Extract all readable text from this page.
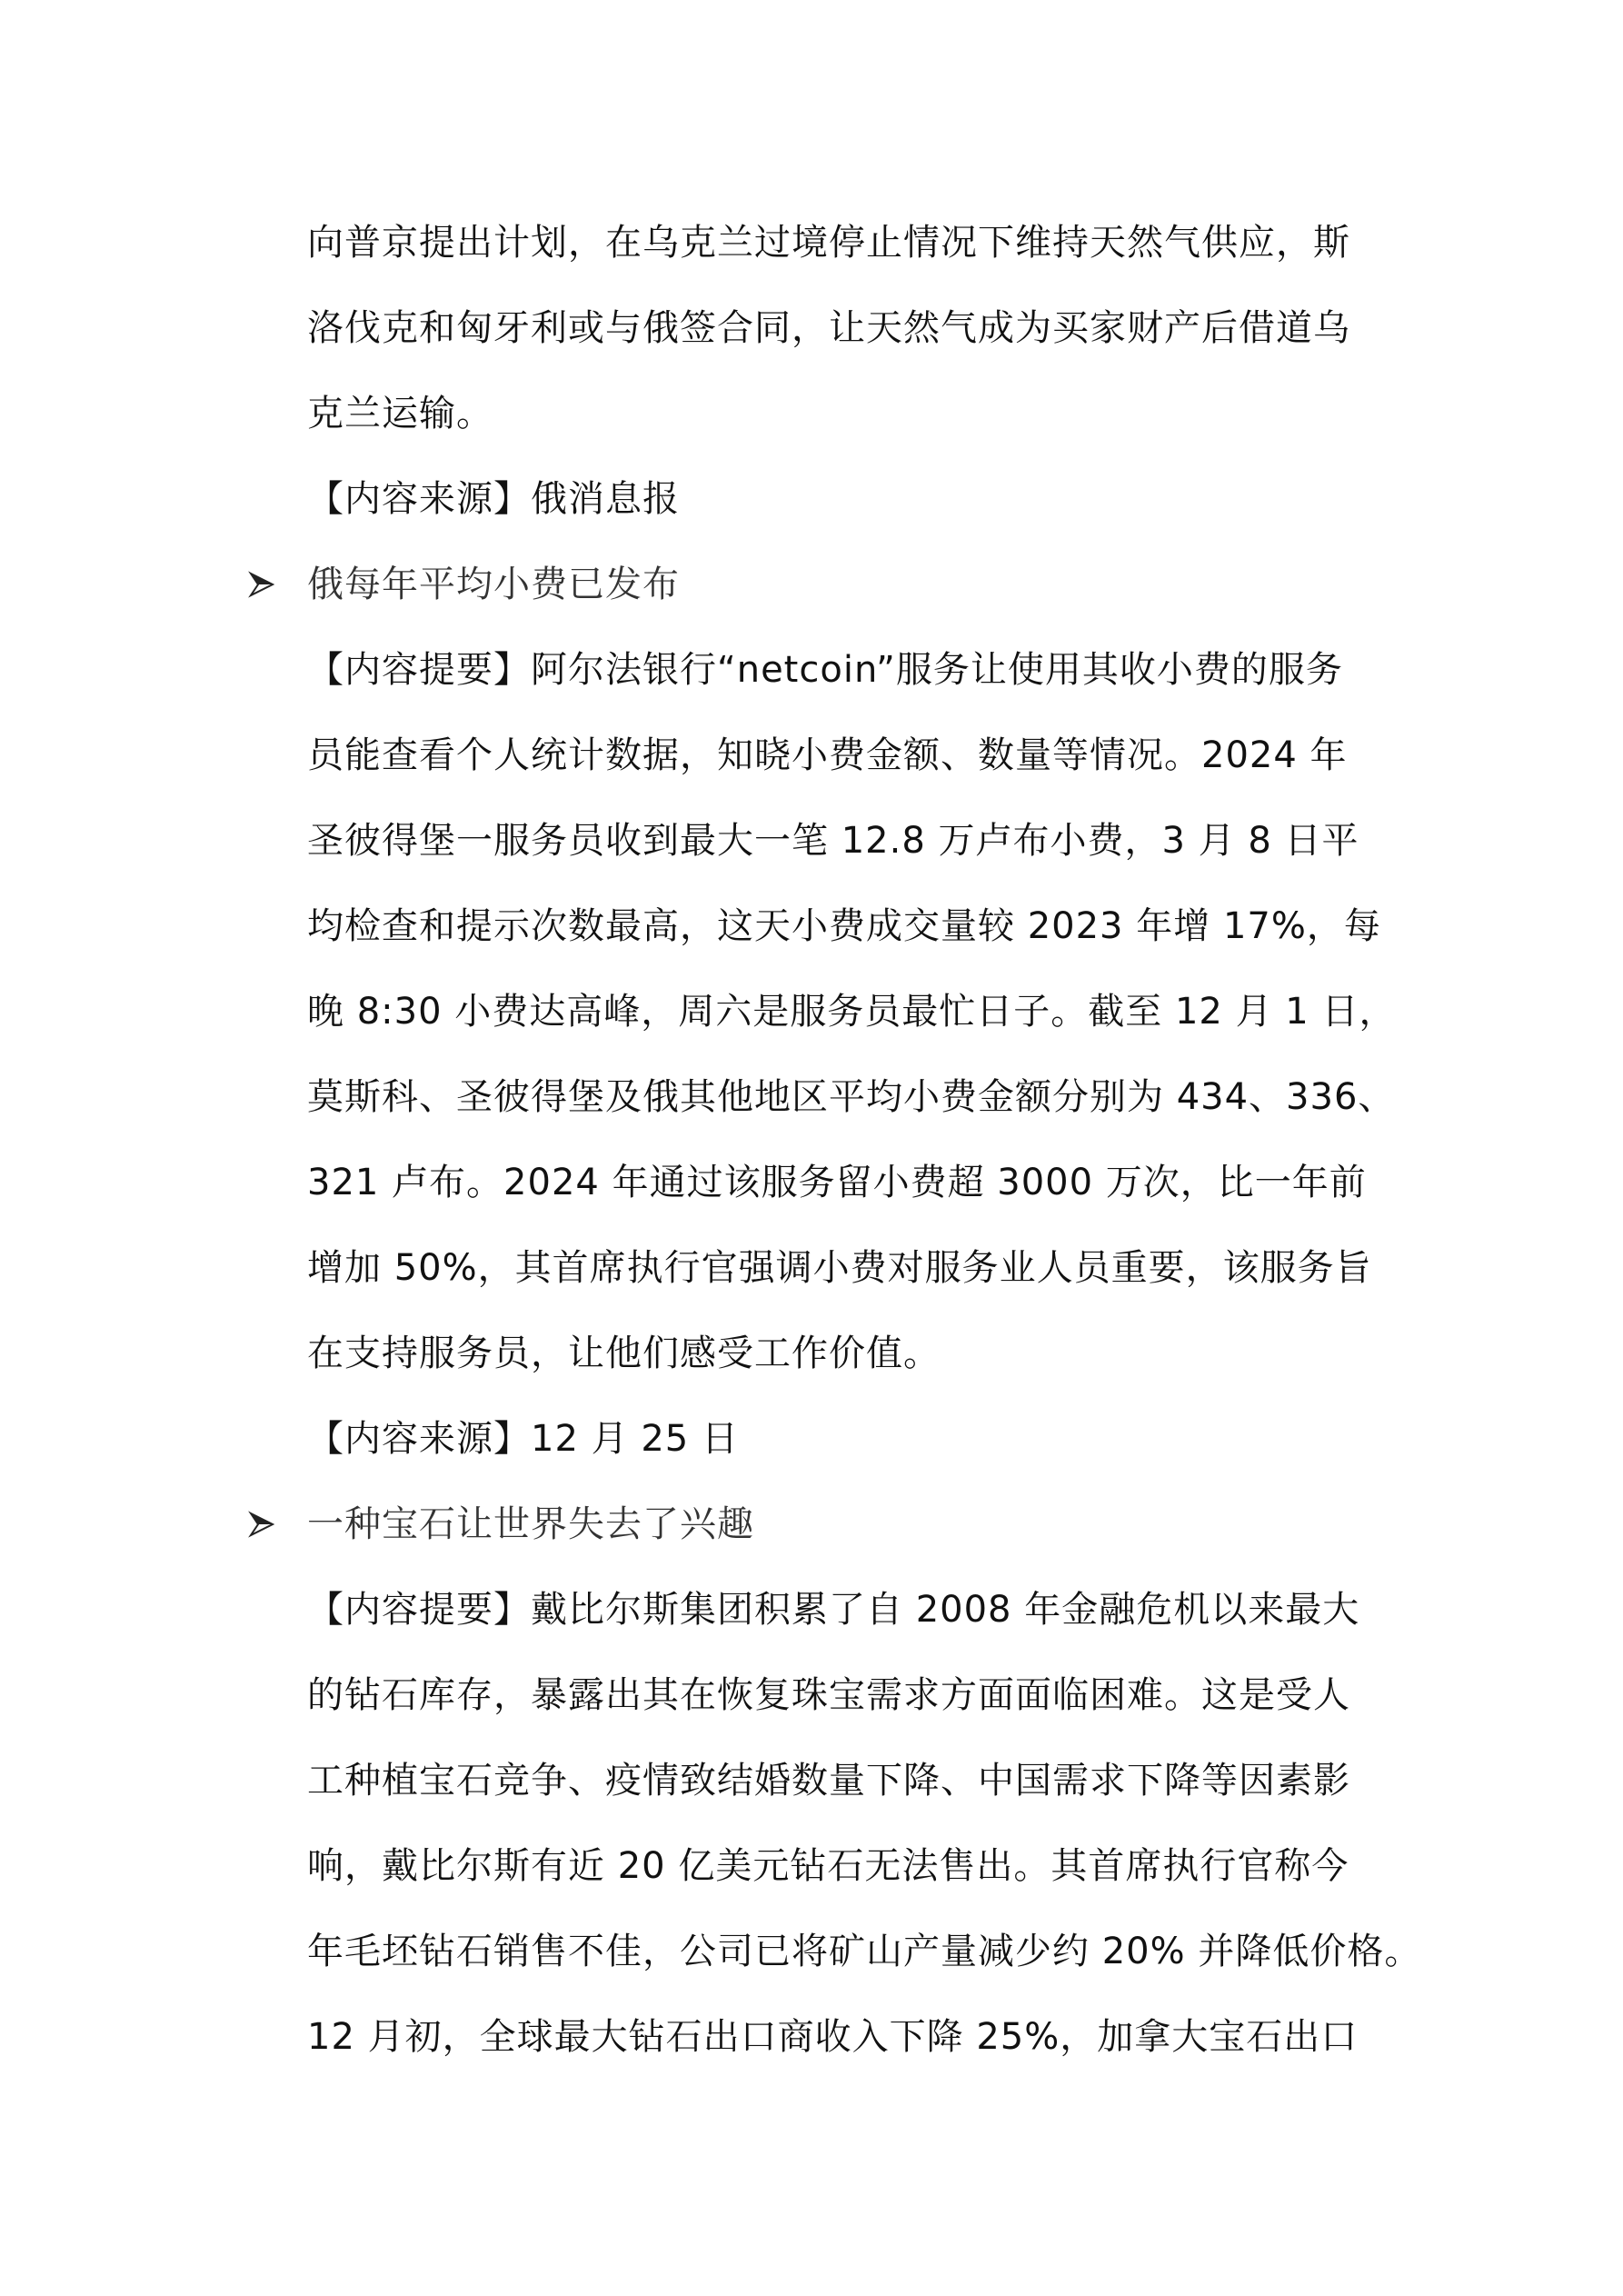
向普京提出计划，在乌克兰过境停止情况下维持天然气供应，斯
洛伐克和匈牙利或与俄签合同，让天然气成为买家财产后借道乌
克兰运输。

【内容来源】俄消息报

俄每年平均小费已发布

【内容提要】阿尔法银行“netcoin”服务让使用其收小费的服务
员能查看个人统计数据，知晓小费金额、数量等情况。2024 年
圣彼得堡一服务员收到最大一笔 12.8 万卢布小费，3 月 8 日平
均检查和提示次数最高，这天小费成交量较 2023 年增 17%，每
晚 8:30 小费达高峰，周六是服务员最忙日子。截至 12 月 1 日，
莫斯科、圣彼得堡及俄其他地区平均小费金额分别为 434、336、
321 卢布。2024 年通过该服务留小费超 3000 万次，比一年前
增加 50%，其首席执行官强调小费对服务业人员重要，该服务旨
在支持服务员，让他们感受工作价值。

【内容来源】12 月 25 日

一种宝石让世界失去了兴趣

【内容提要】戴比尔斯集团积累了自 2008 年金融危机以来最大
的钻石库存，暴露出其在恢复珠宝需求方面面临困难。这是受人
工种植宝石竞争、疫情致结婚数量下降、中国需求下降等因素影
响，戴比尔斯有近 20 亿美元钻石无法售出。其首席执行官称今
年毛坯钻石销售不佳，公司已将矿山产量减少约 20% 并降低价格。
12 月初，全球最大钻石出口商收入下降 25%，加拿大宝石出口
